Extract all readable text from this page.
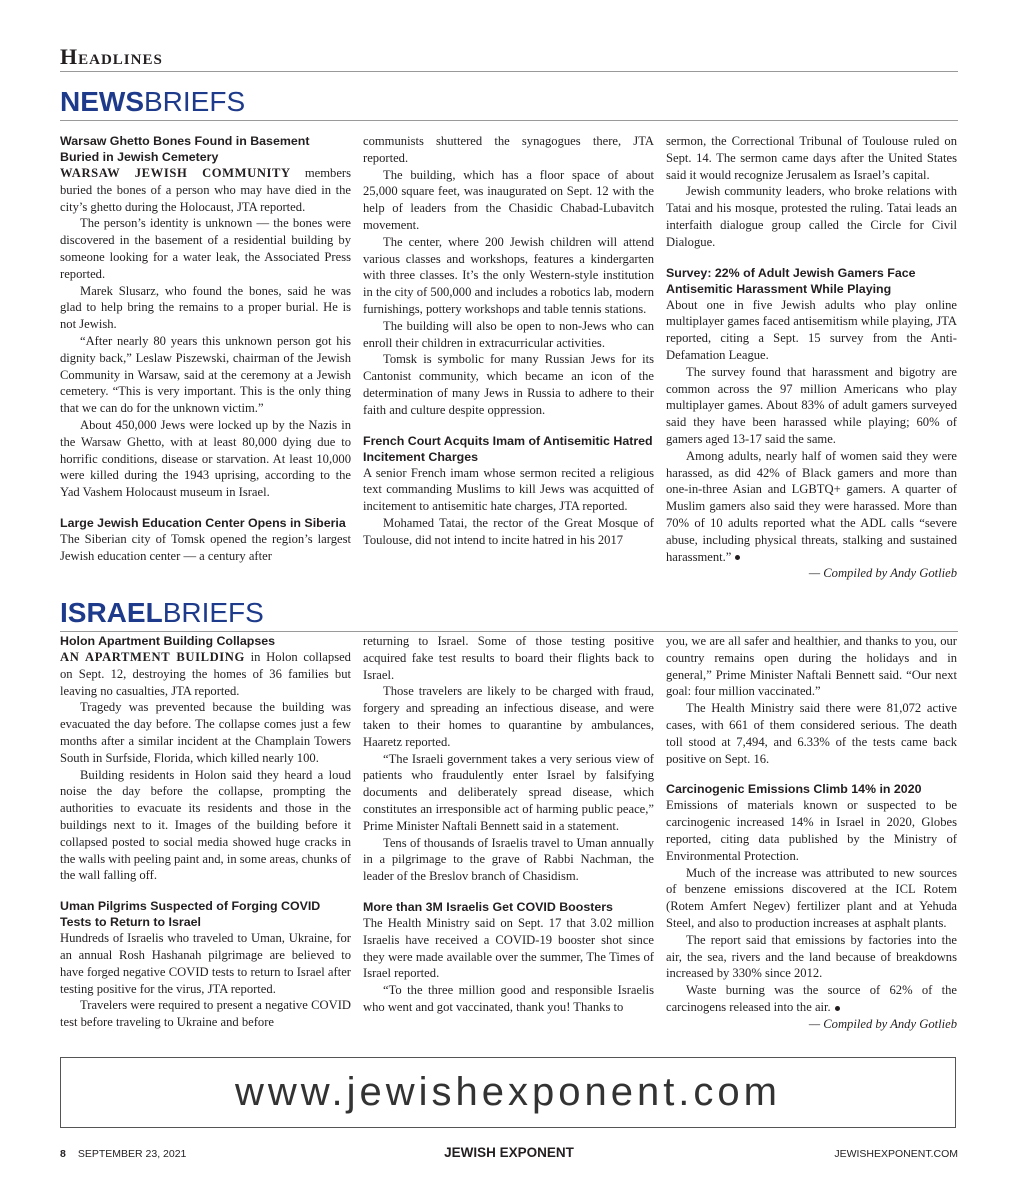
Headlines
NEWSBRIEFS
Warsaw Ghetto Bones Found in Basement Buried in Jewish Cemetery

WARSAW JEWISH COMMUNITY members buried the bones of a person who may have died in the city’s ghetto during the Holocaust, JTA reported.

The person’s identity is unknown — the bones were discovered in the basement of a residential building by someone looking for a water leak, the Associated Press reported.

Marek Slusarz, who found the bones, said he was glad to help bring the remains to a proper burial. He is not Jewish.

“After nearly 80 years this unknown person got his dignity back,” Leslaw Piszewski, chairman of the Jewish Community in Warsaw, said at the ceremony at a Jewish cemetery. “This is very important. This is the only thing that we can do for the unknown victim.”

About 450,000 Jews were locked up by the Nazis in the Warsaw Ghetto, with at least 80,000 dying due to horrific conditions, disease or starvation. At least 10,000 were killed during the 1943 uprising, according to the Yad Vashem Holocaust museum in Israel.

Large Jewish Education Center Opens in Siberia

The Siberian city of Tomsk opened the region’s largest Jewish education center — a century after

communists shuttered the synagogues there, JTA reported.

The building, which has a floor space of about 25,000 square feet, was inaugurated on Sept. 12 with the help of leaders from the Chasidic Chabad-Lubavitch movement.

The center, where 200 Jewish children will attend various classes and workshops, features a kindergarten with three classes. It’s the only Western-style institution in the city of 500,000 and includes a robotics lab, modern furnishings, pottery workshops and table tennis stations.

The building will also be open to non-Jews who can enroll their children in extracurricular activities.

Tomsk is symbolic for many Russian Jews for its Cantonist community, which became an icon of the determination of many Jews in Russia to adhere to their faith and culture despite oppression.

French Court Acquits Imam of Antisemitic Hatred Incitement Charges

A senior French imam whose sermon recited a religious text commanding Muslims to kill Jews was acquitted of incitement to antisemitic hate charges, JTA reported.

Mohamed Tatai, the rector of the Great Mosque of Toulouse, did not intend to incite hatred in his 2017

sermon, the Correctional Tribunal of Toulouse ruled on Sept. 14. The sermon came days after the United States said it would recognize Jerusalem as Israel’s capital.

Jewish community leaders, who broke relations with Tatai and his mosque, protested the ruling. Tatai leads an interfaith dialogue group called the Circle for Civil Dialogue.

Survey: 22% of Adult Jewish Gamers Face Antisemitic Harassment While Playing

About one in five Jewish adults who play online multiplayer games faced antisemitism while playing, JTA reported, citing a Sept. 15 survey from the Anti-Defamation League.

The survey found that harassment and bigotry are common across the 97 million Americans who play multiplayer games. About 83% of adult gamers surveyed said they have been harassed while playing; 60% of gamers aged 13-17 said the same.

Among adults, nearly half of women said they were harassed, as did 42% of Black gamers and more than one-in-three Asian and LGBTQ+ gamers. A quarter of Muslim gamers also said they were harassed. More than 70% of 10 adults reported what the ADL calls “severe abuse, including physical threats, stalking and sustained harassment.”

— Compiled by Andy Gotlieb

ISRAELBRIEFS
Holon Apartment Building Collapses

AN APARTMENT BUILDING in Holon collapsed on Sept. 12, destroying the homes of 36 families but leaving no casualties, JTA reported.

Tragedy was prevented because the building was evacuated the day before. The collapse comes just a few months after a similar incident at the Champlain Towers South in Surfside, Florida, which killed nearly 100.

Building residents in Holon said they heard a loud noise the day before the collapse, prompting the authorities to evacuate its residents and those in the buildings next to it. Images of the building before it collapsed posted to social media showed huge cracks in the walls with peeling paint and, in some areas, chunks of the wall falling off.

Uman Pilgrims Suspected of Forging COVID Tests to Return to Israel

Hundreds of Israelis who traveled to Uman, Ukraine, for an annual Rosh Hashanah pilgrimage are believed to have forged negative COVID tests to return to Israel after testing positive for the virus, JTA reported.

Travelers were required to present a negative COVID test before traveling to Ukraine and before

returning to Israel. Some of those testing positive acquired fake test results to board their flights back to Israel.

Those travelers are likely to be charged with fraud, forgery and spreading an infectious disease, and were taken to their homes to quarantine by ambulances, Haaretz reported.

“The Israeli government takes a very serious view of patients who fraudulently enter Israel by falsifying documents and deliberately spread disease, which constitutes an irresponsible act of harming public peace,” Prime Minister Naftali Bennett said in a statement.

Tens of thousands of Israelis travel to Uman annually in a pilgrimage to the grave of Rabbi Nachman, the leader of the Breslov branch of Chasidism.

More than 3M Israelis Get COVID Boosters

The Health Ministry said on Sept. 17 that 3.02 million Israelis have received a COVID-19 booster shot since they were made available over the summer, The Times of Israel reported.

“To the three million good and responsible Israelis who went and got vaccinated, thank you! Thanks to

you, we are all safer and healthier, and thanks to you, our country remains open during the holidays and in general,” Prime Minister Naftali Bennett said. “Our next goal: four million vaccinated.”

The Health Ministry said there were 81,072 active cases, with 661 of them considered serious. The death toll stood at 7,494, and 6.33% of the tests came back positive on Sept. 16.

Carcinogenic Emissions Climb 14% in 2020

Emissions of materials known or suspected to be carcinogenic increased 14% in Israel in 2020, Globes reported, citing data published by the Ministry of Environmental Protection.

Much of the increase was attributed to new sources of benzene emissions discovered at the ICL Rotem (Rotem Amfert Negev) fertilizer plant and at Yehuda Steel, and also to production increases at asphalt plants.

The report said that emissions by factories into the air, the sea, rivers and the land because of breakdowns increased by 330% since 2012.

Waste burning was the source of 62% of the carcinogens released into the air.

— Compiled by Andy Gotlieb

www.jewishexponent.com
8 SEPTEMBER 23, 2021	JEWISH EXPONENT	JEWISHEXPONENT.COM
